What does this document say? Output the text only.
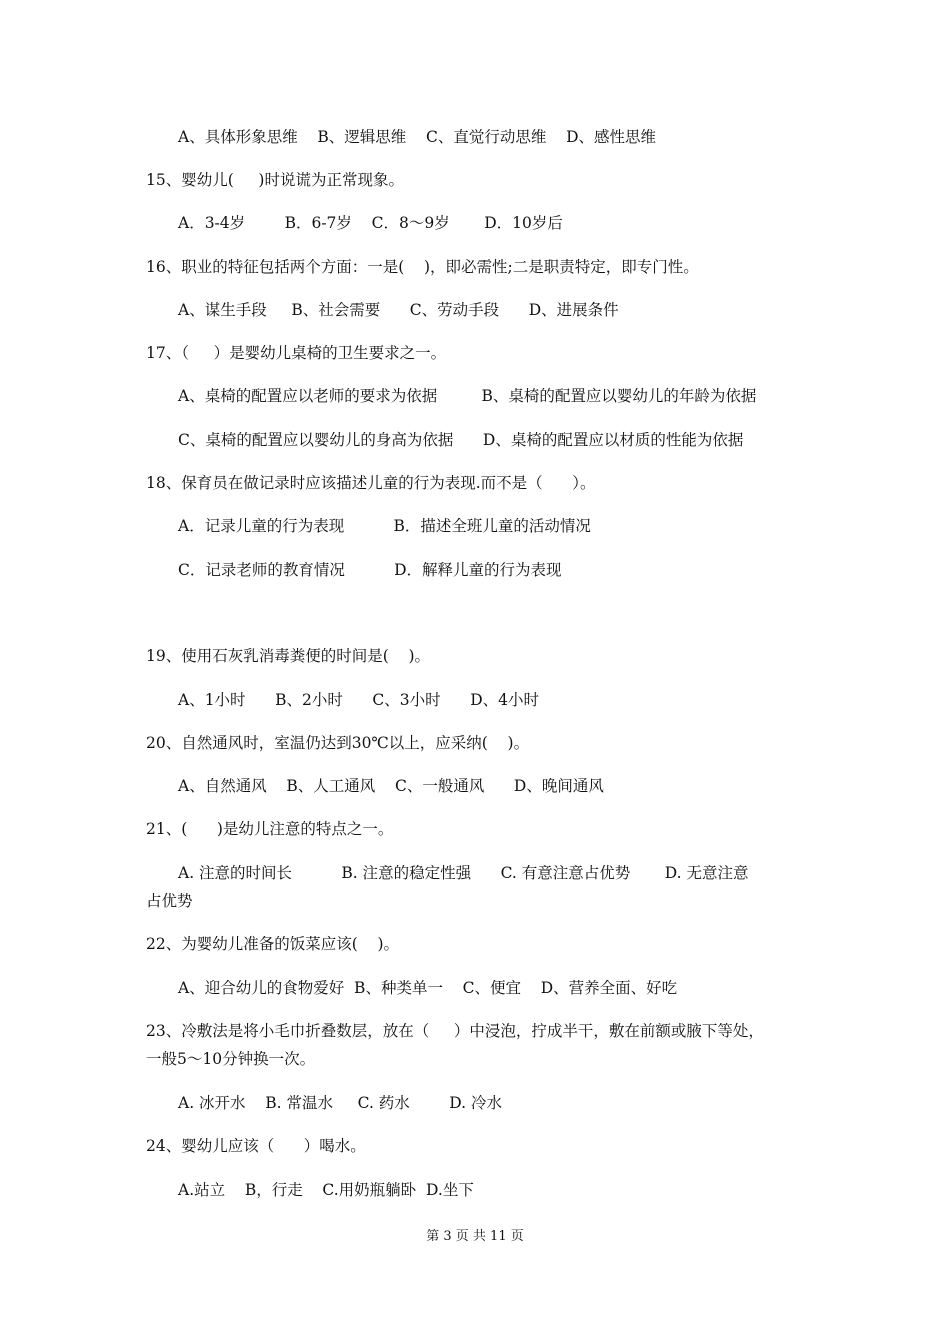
A、具体形象思维    B、逻辑思维    C、直觉行动思维    D、感性思维
15、婴幼儿(     )时说谎为正常现象。
A．3-4岁        B．6-7岁    C．8～9岁       D．10岁后
16、职业的特征包括两个方面：一是(    )，即必需性;二是职责特定，即专门性。
A、谋生手段     B、社会需要      C、劳动手段      D、进展条件
17、（     ）是婴幼儿桌椅的卫生要求之一。
A、桌椅的配置应以老师的要求为依据         B、桌椅的配置应以婴幼儿的年龄为依据
C、桌椅的配置应以婴幼儿的身高为依据      D、桌椅的配置应以材质的性能为依据
18、保育员在做记录时应该描述儿童的行为表现.而不是（      ）。
A．记录儿童的行为表现          B．描述全班儿童的活动情况
C．记录老师的教育情况          D．解释儿童的行为表现
19、使用石灰乳消毒粪便的时间是(    )。
A、1小时      B、2小时      C、3小时      D、4小时
20、自然通风时，室温仍达到30℃以上，应采纳(    )。
A、自然通风    B、人工通风    C、一般通风      D、晚间通风
21、(      )是幼儿注意的特点之一。
A. 注意的时间长          B. 注意的稳定性强      C. 有意注意占优势       D. 无意注意
占优势
22、为婴幼儿准备的饭菜应该(    )。
A、迎合幼儿的食物爱好  B、种类单一    C、便宜    D、营养全面、好吃
23、冷敷法是将小毛巾折叠数层，放在（     ）中浸泡，拧成半干，敷在前额或腋下等处，
一般5～10分钟换一次。
A. 冰开水    B. 常温水     C. 药水        D. 冷水
24、婴幼儿应该（      ）喝水。
A.站立    B，行走    C.用奶瓶躺卧  D.坐下
第 3 页 共 11 页
